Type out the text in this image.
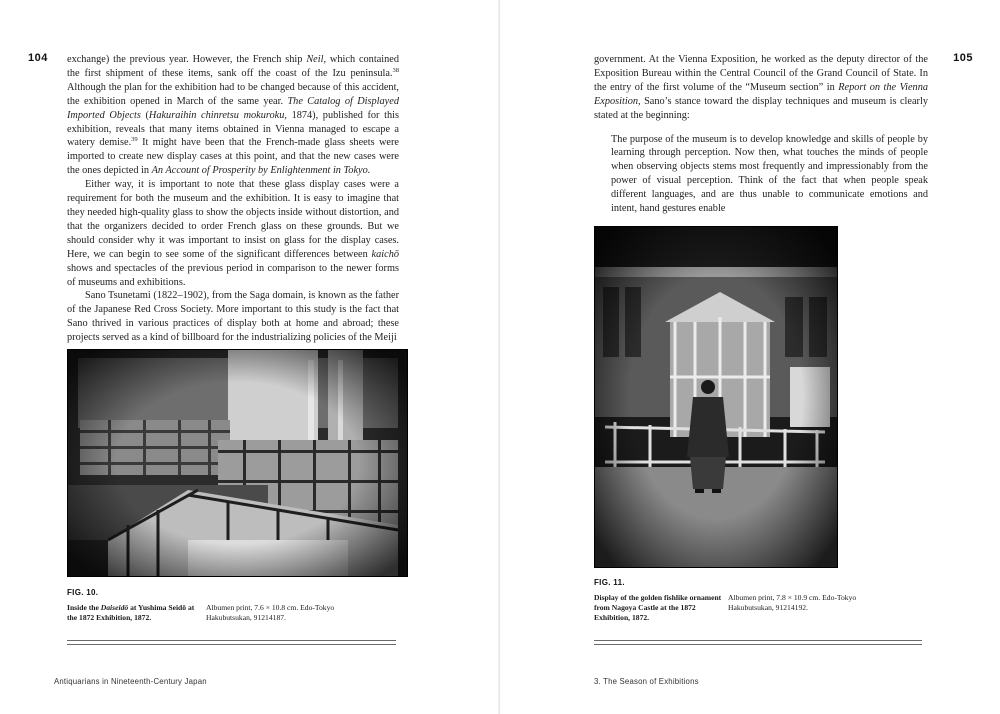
104 exchange) the previous year. However, the French ship Neil, which contained the first shipment of these items, sank off the coast of the Izu peninsula.$^{38}$ Although the plan for the exhibition had to be changed because of this accident, the exhibition opened in March of the same year. The Catalog of Displayed Imported Objects (Hakuraihin chinretsu mokuroku, 1874), published for this exhibition, reveals that many items obtained in Vienna managed to escape a watery demise.$^{39}$ It might have been that the French-made glass sheets were imported to create new display cases at this point, and that the new cases were the ones depicted in An Account of Prosperity by Enlightenment in Tokyo.

Either way, it is important to note that these glass display cases were a requirement for both the museum and the exhibition. It is easy to imagine that they needed high-quality glass to show the objects inside without distortion, and that the organizers decided to order French glass on these grounds. But we should consider why it was important to insist on glass for the display cases. Here, we can begin to see some of the significant differences between kaichō shows and spectacles of the previous period in comparison to the newer forms of museums and exhibitions.

Sano Tsunetami (1822–1902), from the Saga domain, is known as the father of the Japanese Red Cross Society. More important to this study is the fact that Sano thrived in various practices of display both at home and abroad; these projects served as a kind of billboard for the industrializing policies of the Meiji

FIG. 10.
Inside the Daiseidō at Yushima Seidō at the 1872 Exhibition, 1872.
Albumen print, 7.6 × 10.8 cm. Edo-Tokyo Hakubutsukan, 91214187.
Antiquarians in Nineteenth-Century Japan
105

government. At the Vienna Exposition, he worked as the deputy director of the Exposition Bureau within the Central Council of the Grand Council of State. In the entry of the first volume of the “Museum section” in Report on the Vienna Exposition, Sano’s stance toward the display techniques and museum is clearly stated at the beginning:

The purpose of the museum is to develop knowledge and skills of people by learning through perception. Now then, what touches the minds of people when observing objects stems most frequently and impressionably from the power of visual perception. Think of the fact that when people speak different languages, and are thus unable to communicate emotions and intent, hand gestures enable

FIG. 11.
Display of the golden fishlike ornament from Nagoya Castle at the 1872 Exhibition, 1872.
Albumen print, 7.8 × 10.9 cm. Edo-Tokyo Hakubutsukan, 91214192.
3. The Season of Exhibitions
